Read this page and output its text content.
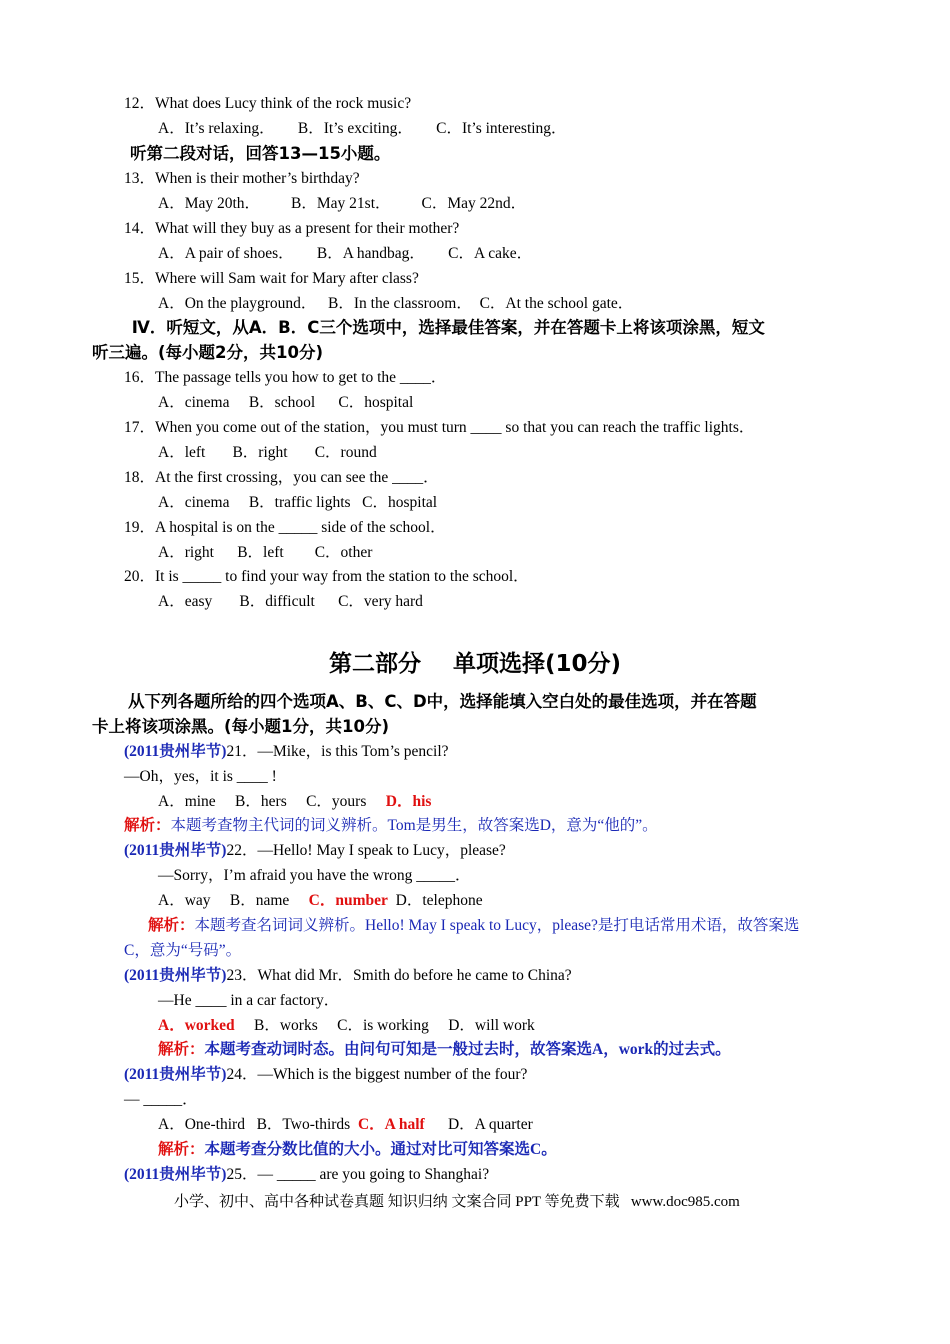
12．What does Lucy think of the rock music?
A．It’s relaxing．      B．It’s exciting．      C．It’s interesting．
听第二段对话，回答13—15小题。
13．When is their mother’s birthday?
A．May 20th．        B．May 21st．        C．May 22nd．
14．What will they buy as a present for their mother?
A．A pair of shoes．      B．A handbag．      C．A cake．
15．Where will Sam wait for Mary after class?
A．On the playground．   B．In the classroom．  C．At the school gate．
Ⅳ．听短文，从A．B．C三个选项中，选择最佳答案，并在答题卡上将该项涂黑，短文
听三遍。(每小题2分，共10分)
16．The passage tells you how to get to the ____．
A．cinema     B．school      C．hospital
17．When you come out of the station，you must turn ____ so that you can reach the traffic lights．
A．left       B．right       C．round
18．At the first crossing，you can see the ____．
A．cinema     B．traffic lights   C．hospital
19．A hospital is on the _____ side of the school．
A．right      B．left        C．other
20．It is _____ to find your way from the station to the school．
A．easy       B．difficult      C．very hard
第二部分    单项选择(10分)
从下列各题所给的四个选项A、B、C、D中，选择能填入空白处的最佳选项，并在答题
卡上将该项涂黑。(每小题1分，共10分)
(2011贵州毕节)21．—Mike，is this Tom’s pencil?
—Oh，yes，it is ____ !
A．mine     B．hers     C．yours     D．his
解析：本题考查物主代词的词义辨析。Tom是男生，故答案选D，意为“他的”。
(2011贵州毕节)22．—Hello! May I speak to Lucy，please?
—Sorry，I’m afraid you have the wrong _____．
A．way     B．name     C．number  D．telephone
解析：本题考查名词词义辨析。Hello! May I speak to Lucy，please?是打电话常用术语，故答案选
C，意为“号码”。
(2011贵州毕节)23．What did Mr．Smith do before he came to China?
—He ____ in a car factory．
A．worked     B．works     C．is working     D．will work
解析：本题考查动词时态。由问句可知是一般过去时，故答案选A，work的过去式。
(2011贵州毕节)24．—Which is the biggest number of the four?
— _____．
A．One-third   B．Two-thirds  C．A half      D．A quarter
解析：本题考查分数比值的大小。通过对比可知答案选C。
(2011贵州毕节)25．— _____ are you going to Shanghai?
小学、初中、高中各种试卷真题 知识归纳 文案合同 PPT 等免费下载   www.doc985.com
